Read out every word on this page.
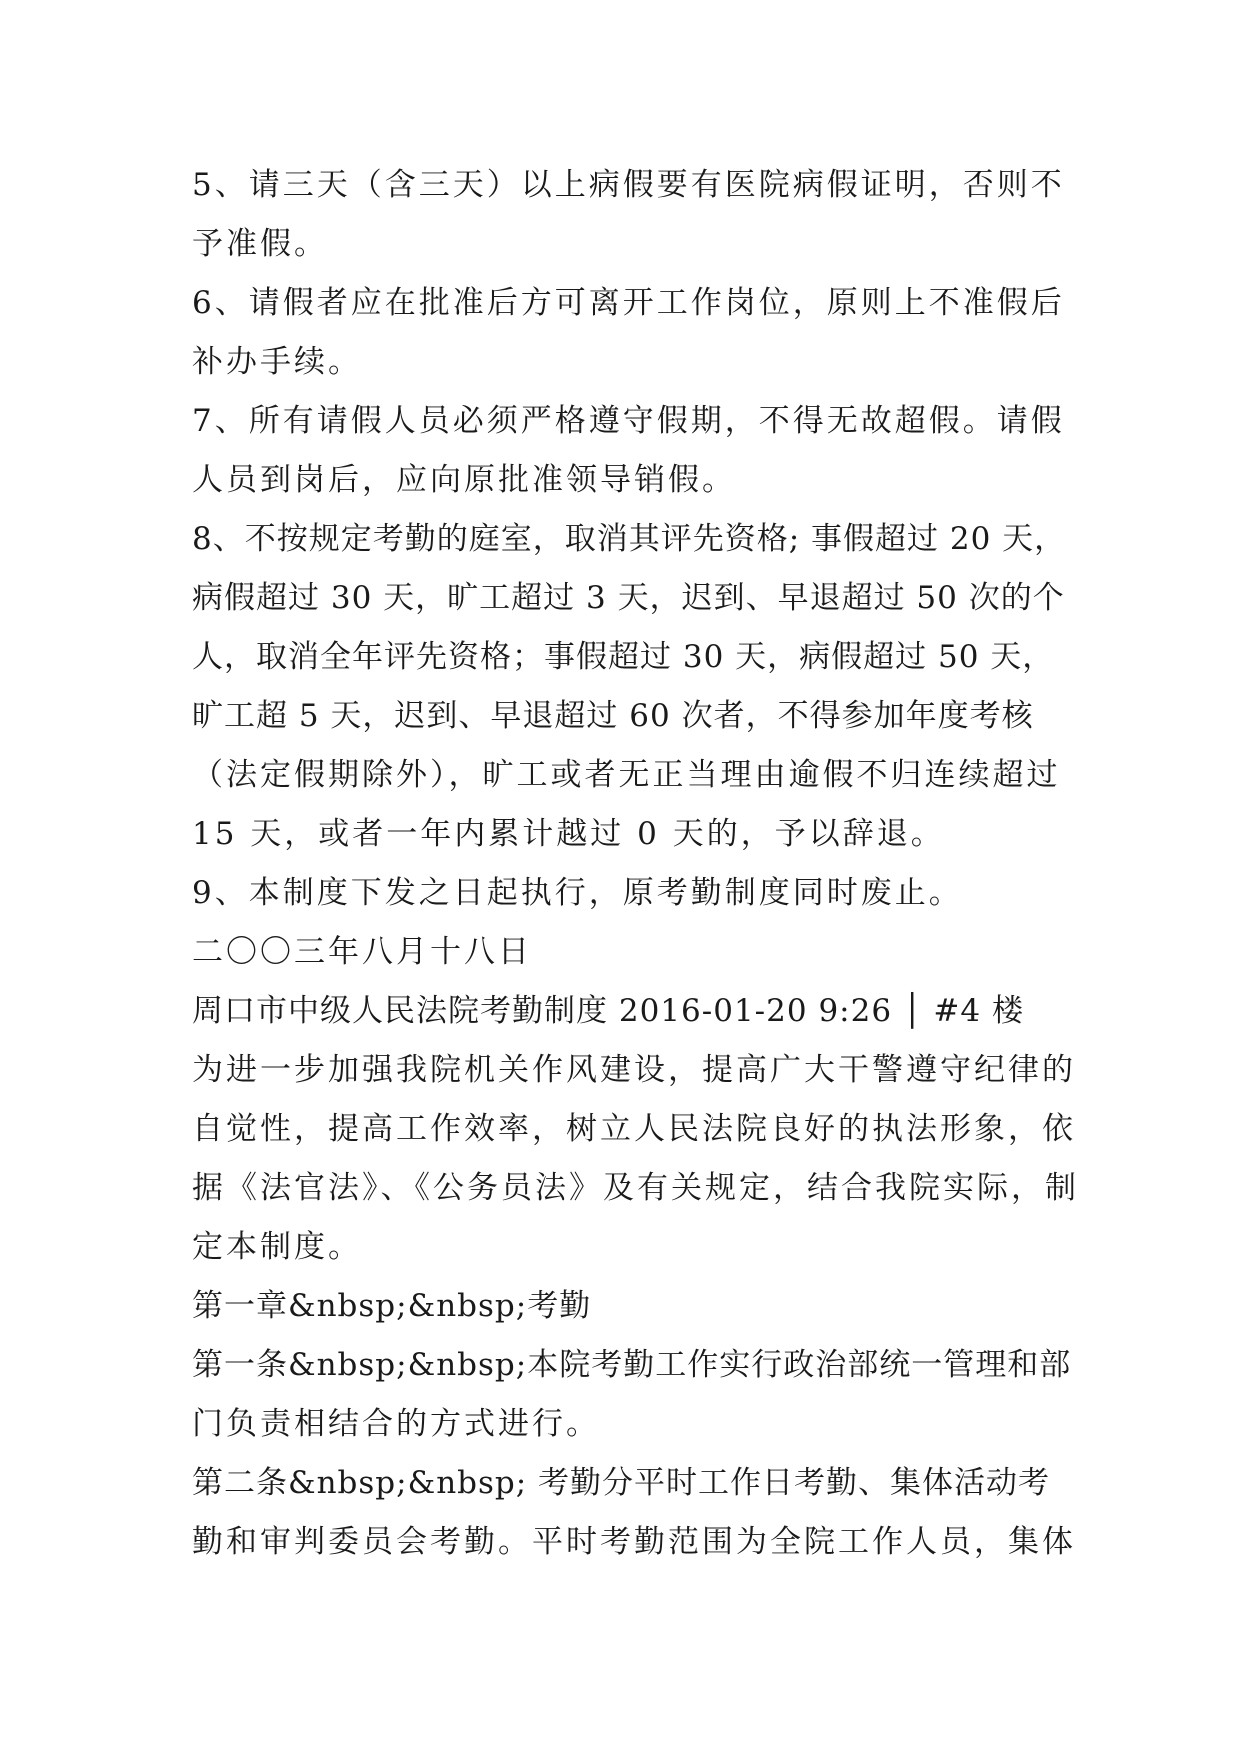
5、请三天（含三天）以上病假要有医院病假证明，否则不
予准假。
6、请假者应在批准后方可离开工作岗位，原则上不准假后
补办手续。
7、所有请假人员必须严格遵守假期，不得无故超假。请假
人员到岗后，应向原批准领导销假。
8、不按规定考勤的庭室，取消其评先资格; 事假超过 20 天，
病假超过 30 天，旷工超过 3 天，迟到、早退超过 50 次的个
人，取消全年评先资格；事假超过 30 天，病假超过 50 天，
旷工超 5 天，迟到、早退超过 60 次者，不得参加年度考核
（法定假期除外），旷工或者无正当理由逾假不归连续超过
15 天，或者一年内累计越过 0 天的，予以辞退。
9、本制度下发之日起执行，原考勤制度同时废止。
二〇〇三年八月十八日
周口市中级人民法院考勤制度 2016-01-20 9:26 │ #4 楼
为进一步加强我院机关作风建设，提高广大干警遵守纪律的
自觉性，提高工作效率，树立人民法院良好的执法形象，依
据《法官法》、《公务员法》及有关规定，结合我院实际，制
定本制度。
第一章&nbsp;&nbsp;考勤
第一条&nbsp;&nbsp;本院考勤工作实行政治部统一管理和部
门负责相结合的方式进行。
第二条&nbsp;&nbsp; 考勤分平时工作日考勤、集体活动考
勤和审判委员会考勤。平时考勤范围为全院工作人员，集体
